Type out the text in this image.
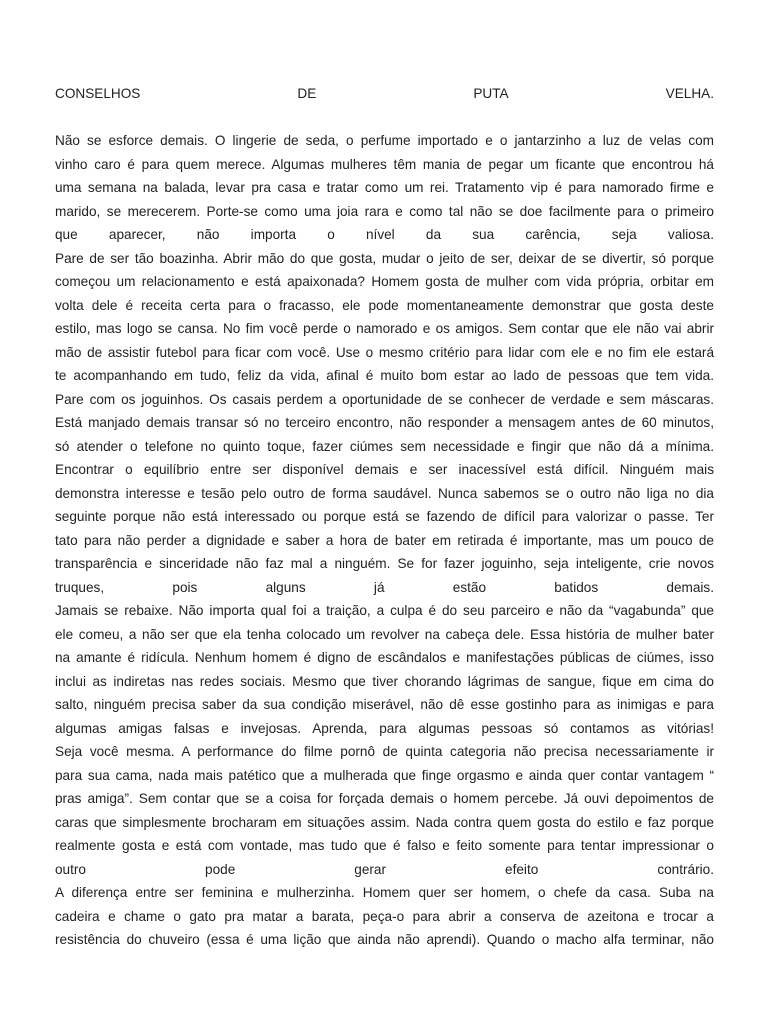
CONSELHOS	DE	PUTA	VELHA.
Não se esforce demais. O lingerie de seda, o perfume importado e o jantarzinho a luz de velas com
vinho caro é para quem merece. Algumas mulheres têm mania de pegar um ficante que encontrou há
uma semana na balada, levar pra casa e tratar como um rei. Tratamento vip é para namorado firme e
marido, se merecerem. Porte-se como uma joia rara e como tal não se doe facilmente para o primeiro
que aparecer, não importa o nível da sua carência, seja valiosa.
Pare de ser tão boazinha. Abrir mão do que gosta, mudar o jeito de ser, deixar de se divertir, só porque
começou um relacionamento e está apaixonada? Homem gosta de mulher com vida própria, orbitar em
volta dele é receita certa para o fracasso, ele pode momentaneamente demonstrar que gosta deste
estilo, mas logo se cansa. No fim você perde o namorado e os amigos. Sem contar que ele não vai abrir
mão de assistir futebol para ficar com você. Use o mesmo critério para lidar com ele e no fim ele estará
te acompanhando em tudo, feliz da vida, afinal é muito bom estar ao lado de pessoas que tem vida.
Pare com os joguinhos. Os casais perdem a oportunidade de se conhecer de verdade e sem máscaras.
Está manjado demais transar só no terceiro encontro, não responder a mensagem antes de 60 minutos,
só atender o telefone no quinto toque, fazer ciúmes sem necessidade e fingir que não dá a mínima.
Encontrar o equilíbrio entre ser disponível demais e ser inacessível está difícil. Ninguém mais
demonstra interesse e tesão pelo outro de forma saudável. Nunca sabemos se o outro não liga no dia
seguinte porque não está interessado ou porque está se fazendo de difícil para valorizar o passe. Ter
tato para não perder a dignidade e saber a hora de bater em retirada é importante, mas um pouco de
transparência e sinceridade não faz mal a ninguém. Se for fazer joguinho, seja inteligente, crie novos
truques, pois alguns já estão batidos demais.
Jamais se rebaixe. Não importa qual foi a traição, a culpa é do seu parceiro e não da “vagabunda” que
ele comeu, a não ser que ela tenha colocado um revolver na cabeça dele. Essa história de mulher bater
na amante é ridícula. Nenhum homem é digno de escândalos e manifestações públicas de ciúmes, isso
inclui as indiretas nas redes sociais. Mesmo que tiver chorando lágrimas de sangue, fique em cima do
salto, ninguém precisa saber da sua condição miserável, não dê esse gostinho para as inimigas e para
algumas amigas falsas e invejosas. Aprenda, para algumas pessoas só contamos as vitórias!
Seja você mesma. A performance do filme pornô de quinta categoria não precisa necessariamente ir
para sua cama, nada mais patético que a mulherada que finge orgasmo e ainda quer contar vantagem “
pras amiga”. Sem contar que se a coisa for forçada demais o homem percebe. Já ouvi depoimentos de
caras que simplesmente brocharam em situações assim. Nada contra quem gosta do estilo e faz porque
realmente gosta e está com vontade, mas tudo que é falso e feito somente para tentar impressionar o
outro pode gerar efeito contrário.
A diferença entre ser feminina e mulherzinha. Homem quer ser homem, o chefe da casa. Suba na
cadeira e chame o gato pra matar a barata, peça-o para abrir a conserva de azeitona e trocar a
resistência do chuveiro (essa é uma lição que ainda não aprendi). Quando o macho alfa terminar, não
